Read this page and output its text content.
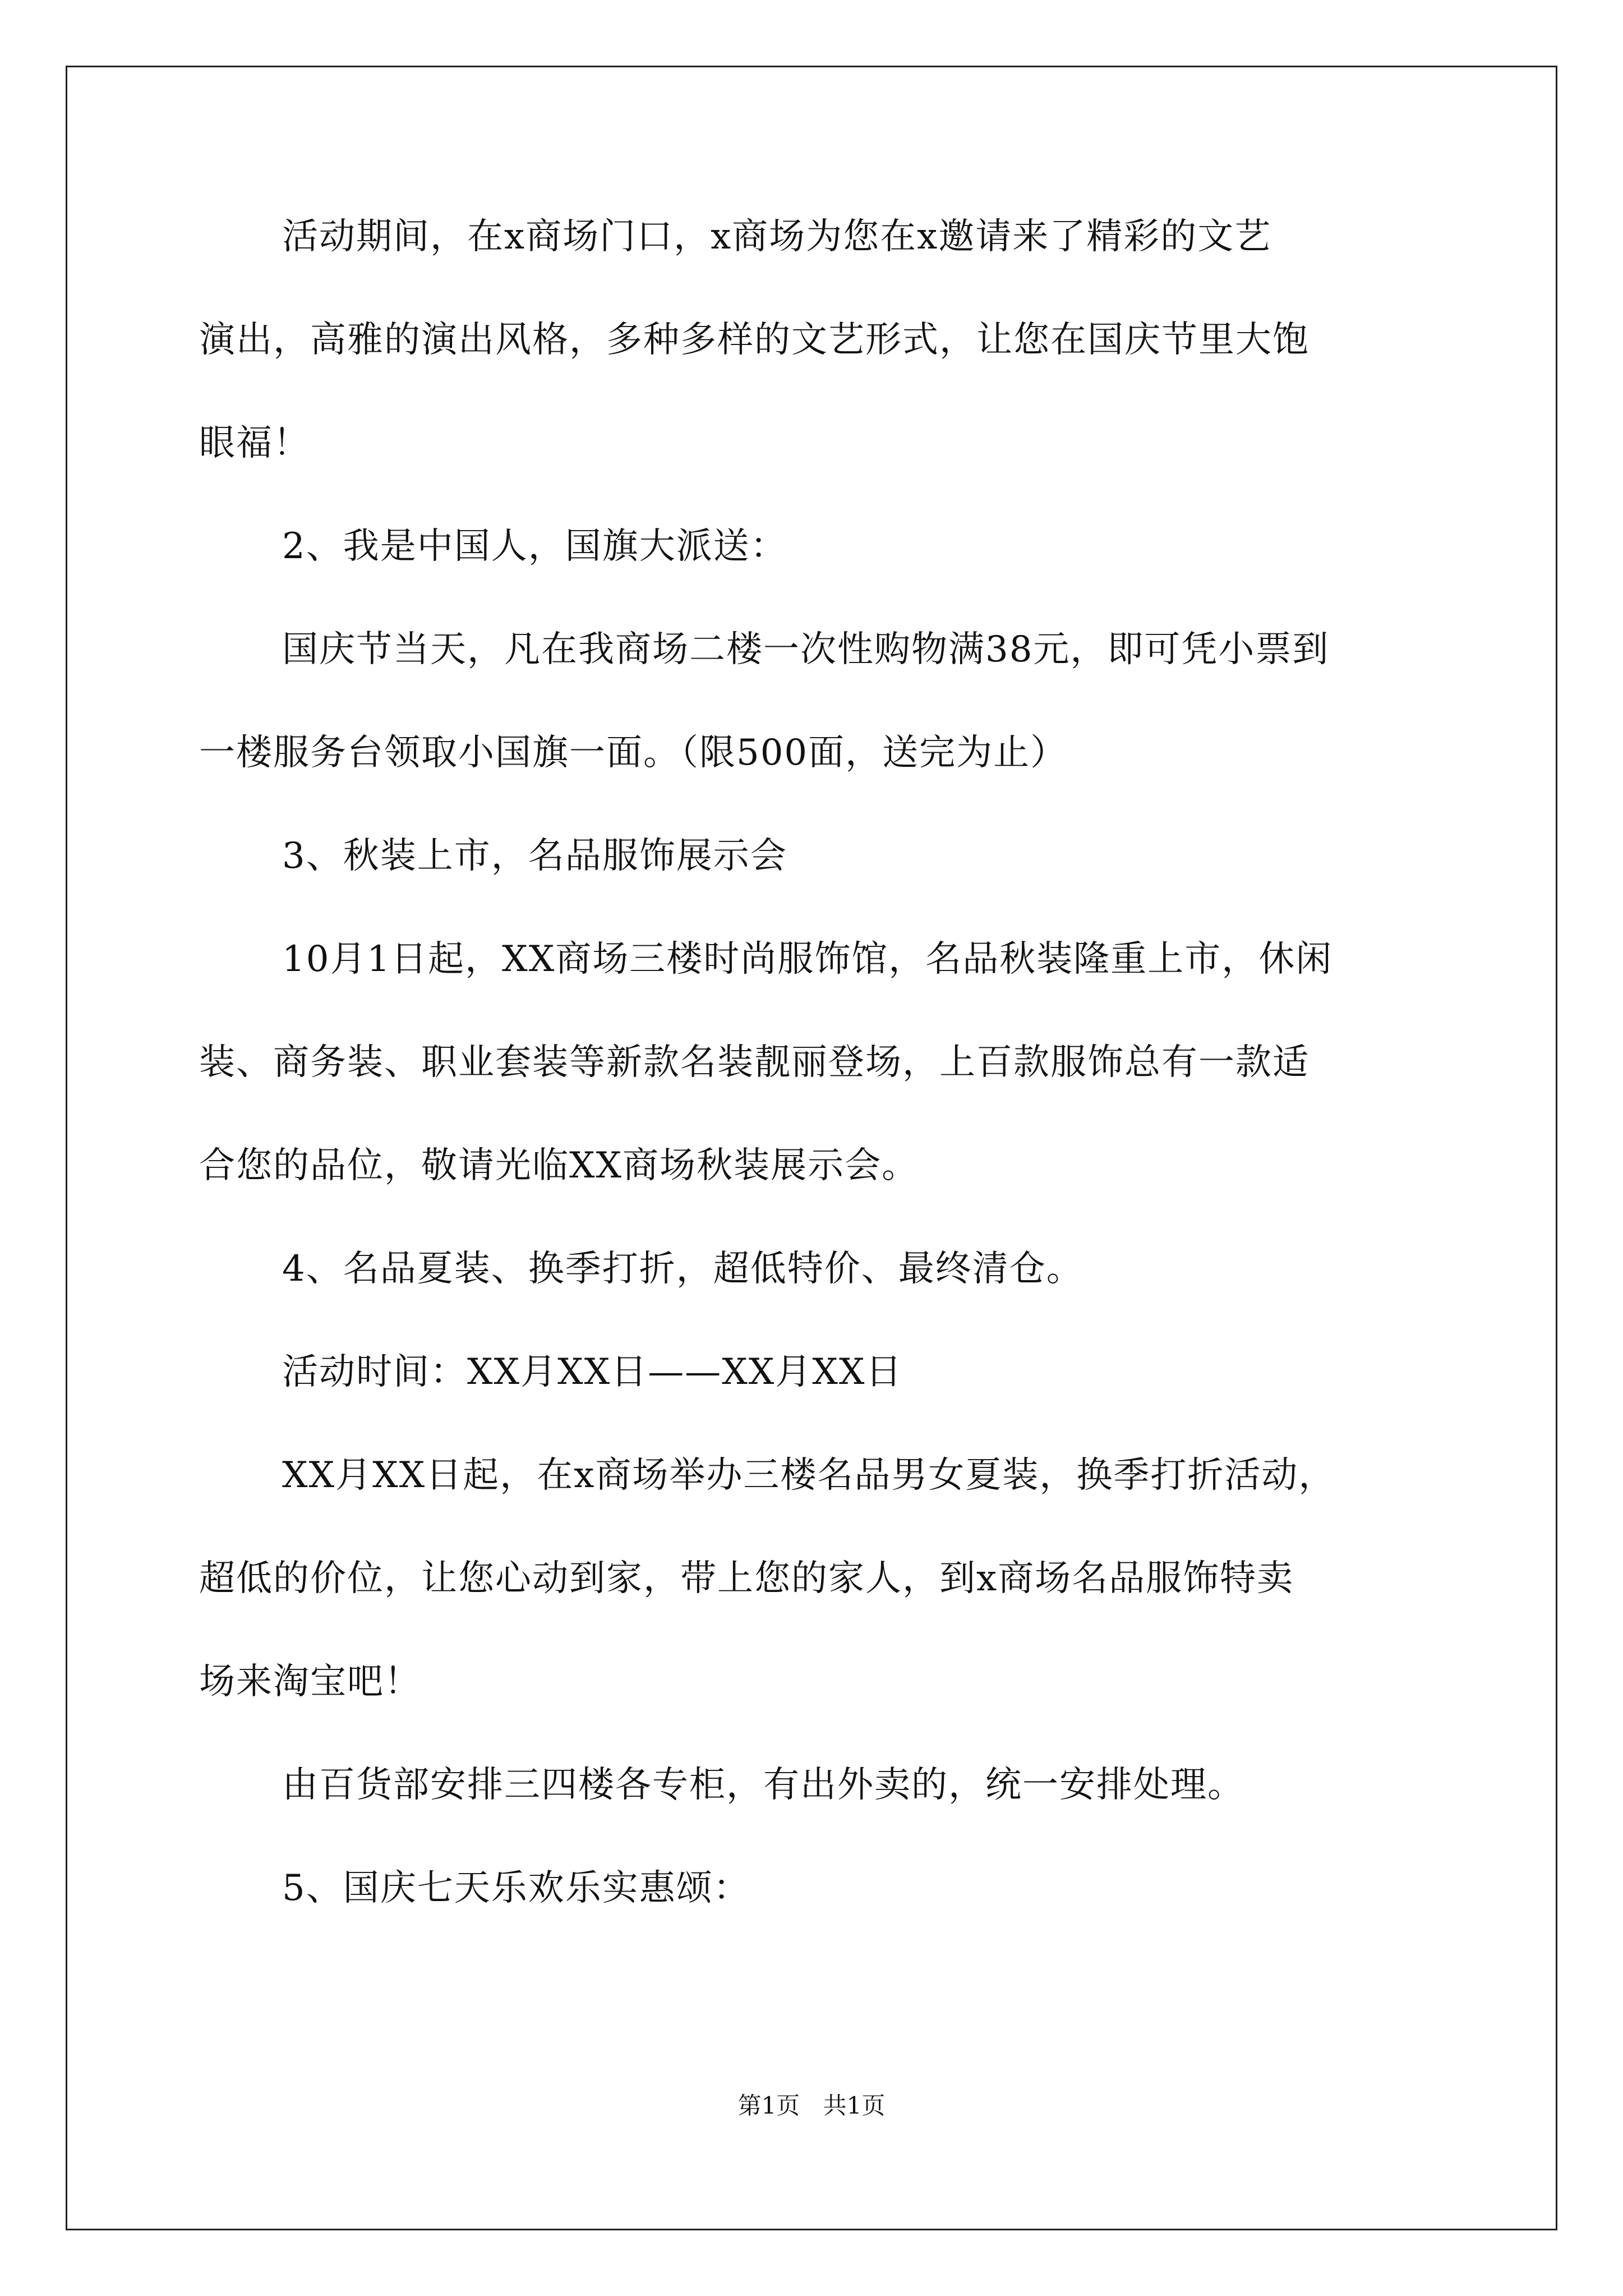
活动期间，在x商场门口，x商场为您在x邀请来了精彩的文艺
演出，高雅的演出风格，多种多样的文艺形式，让您在国庆节里大饱
眼福！
2、我是中国人，国旗大派送：
国庆节当天，凡在我商场二楼一次性购物满38元，即可凭小票到
一楼服务台领取小国旗一面。（限500面，送完为止）
3、秋装上市，名品服饰展示会
10月1日起，XX商场三楼时尚服饰馆，名品秋装隆重上市，休闲
装、商务装、职业套装等新款名装靓丽登场，上百款服饰总有一款适
合您的品位，敬请光临XX商场秋装展示会。
4、名品夏装、换季打折，超低特价、最终清仓。
活动时间：XX月XX日——XX月XX日
XX月XX日起，在x商场举办三楼名品男女夏装，换季打折活动，
超低的价位，让您心动到家，带上您的家人，到x商场名品服饰特卖
场来淘宝吧！
由百货部安排三四楼各专柜，有出外卖的，统一安排处理。
5、国庆七天乐欢乐实惠颂：
第1页 共1页
